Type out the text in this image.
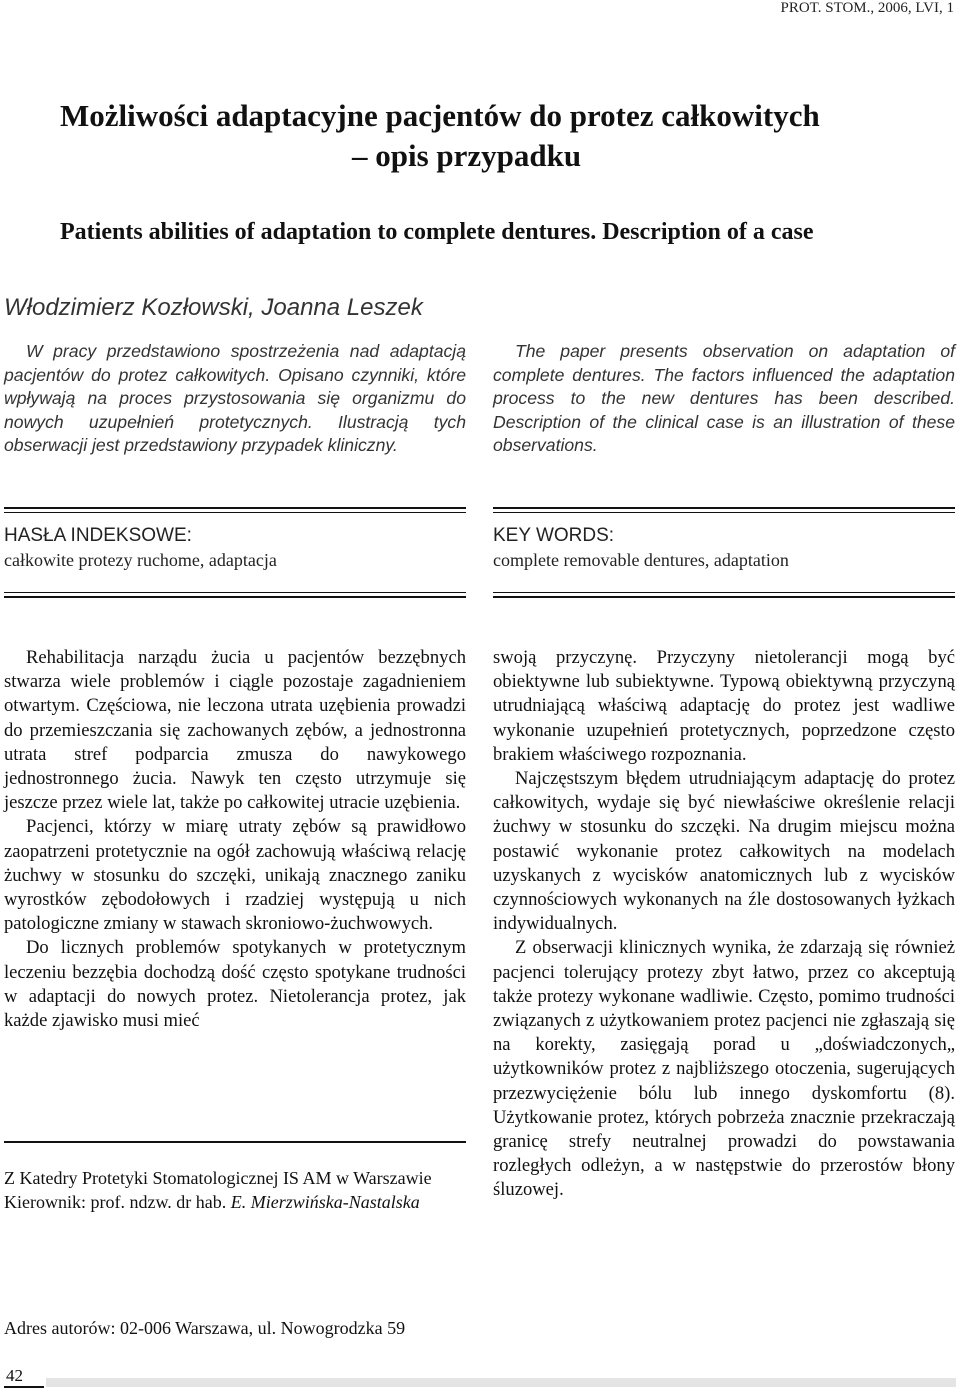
PROT. STOM., 2006, LVI, 1
Możliwości adaptacyjne pacjentów do protez całkowitych
– opis przypadku
Patients abilities of adaptation to complete dentures. Description of a case
Włodzimierz Kozłowski, Joanna Leszek
W pracy przedstawiono spostrzeżenia nad adaptacją pacjentów do protez całkowitych. Opisano czynniki, które wpływają na proces przystosowania się organizmu do nowych uzupełnień protetycznych. Ilustracją tych obserwacji jest przedstawiony przypadek kliniczny.
The paper presents observation on adaptation of complete dentures. The factors influenced the adaptation process to the new dentures has been described. Description of the clinical case is an illustration of these observations.
HASŁA INDEKSOWE:
całkowite protezy ruchome, adaptacja
KEY WORDS:
complete removable dentures, adaptation

Rehabilitacja narządu żucia u pacjentów bezzębnych stwarza wiele problemów i ciągle pozostaje zagadnieniem otwartym. Częściowa, nie leczona utrata uzębienia prowadzi do przemieszczania się zachowanych zębów, a jednostronna utrata stref podparcia zmusza do nawykowego jednostronnego żucia. Nawyk ten często utrzymuje się jeszcze przez wiele lat, także po całkowitej utracie uzębienia.

Pacjenci, którzy w miarę utraty zębów są prawidłowo zaopatrzeni protetycznie na ogół zachowują właściwą relację żuchwy w stosunku do szczęki, unikają znacznego zaniku wyrostków zębodołowych i rzadziej występują u nich patologiczne zmiany w stawach skroniowo-żuchwowych.

Do licznych problemów spotykanych w protetycznym leczeniu bezzębia dochodzą dość często spotykane trudności w adaptacji do nowych protez. Nietolerancja protez, jak każde zjawisko musi mieć

swoją przyczynę. Przyczyny nietolerancji mogą być obiektywne lub subiektywne. Typową obiektywną przyczyną utrudniającą właściwą adaptację do protez jest wadliwe wykonanie uzupełnień protetycznych, poprzedzone często brakiem właściwego rozpoznania.

Najczęstszym błędem utrudniającym adaptację do protez całkowitych, wydaje się być niewłaściwe określenie relacji żuchwy w stosunku do szczęki. Na drugim miejscu można postawić wykonanie protez całkowitych na modelach uzyskanych z wycisków anatomicznych lub z wycisków czynnościowych wykonanych na źle dostosowanych łyżkach indywidualnych.

Z obserwacji klinicznych wynika, że zdarzają się również pacjenci tolerujący protezy zbyt łatwo, przez co akceptują także protezy wykonane wadliwie. Często, pomimo trudności związanych z użytkowaniem protez pacjenci nie zgłaszają się na korekty, zasięgają porad u „doświadczonych„ użytkowników protez z najbliższego otoczenia, sugerujących przezwyciężenie bólu lub innego dyskomfortu (8). Użytkowanie protez, których pobrzeża znacznie przekraczają granicę strefy neutralnej prowadzi do powstawania rozległych odleżyn, a w następstwie do przerostów błony śluzowej.

Z Katedry Protetyki Stomatologicznej IS AM w Warszawie
Kierownik: prof. ndzw. dr hab. E. Mierzwińska-Nastalska
Adres autorów: 02-006 Warszawa, ul. Nowogrodzka 59
42
